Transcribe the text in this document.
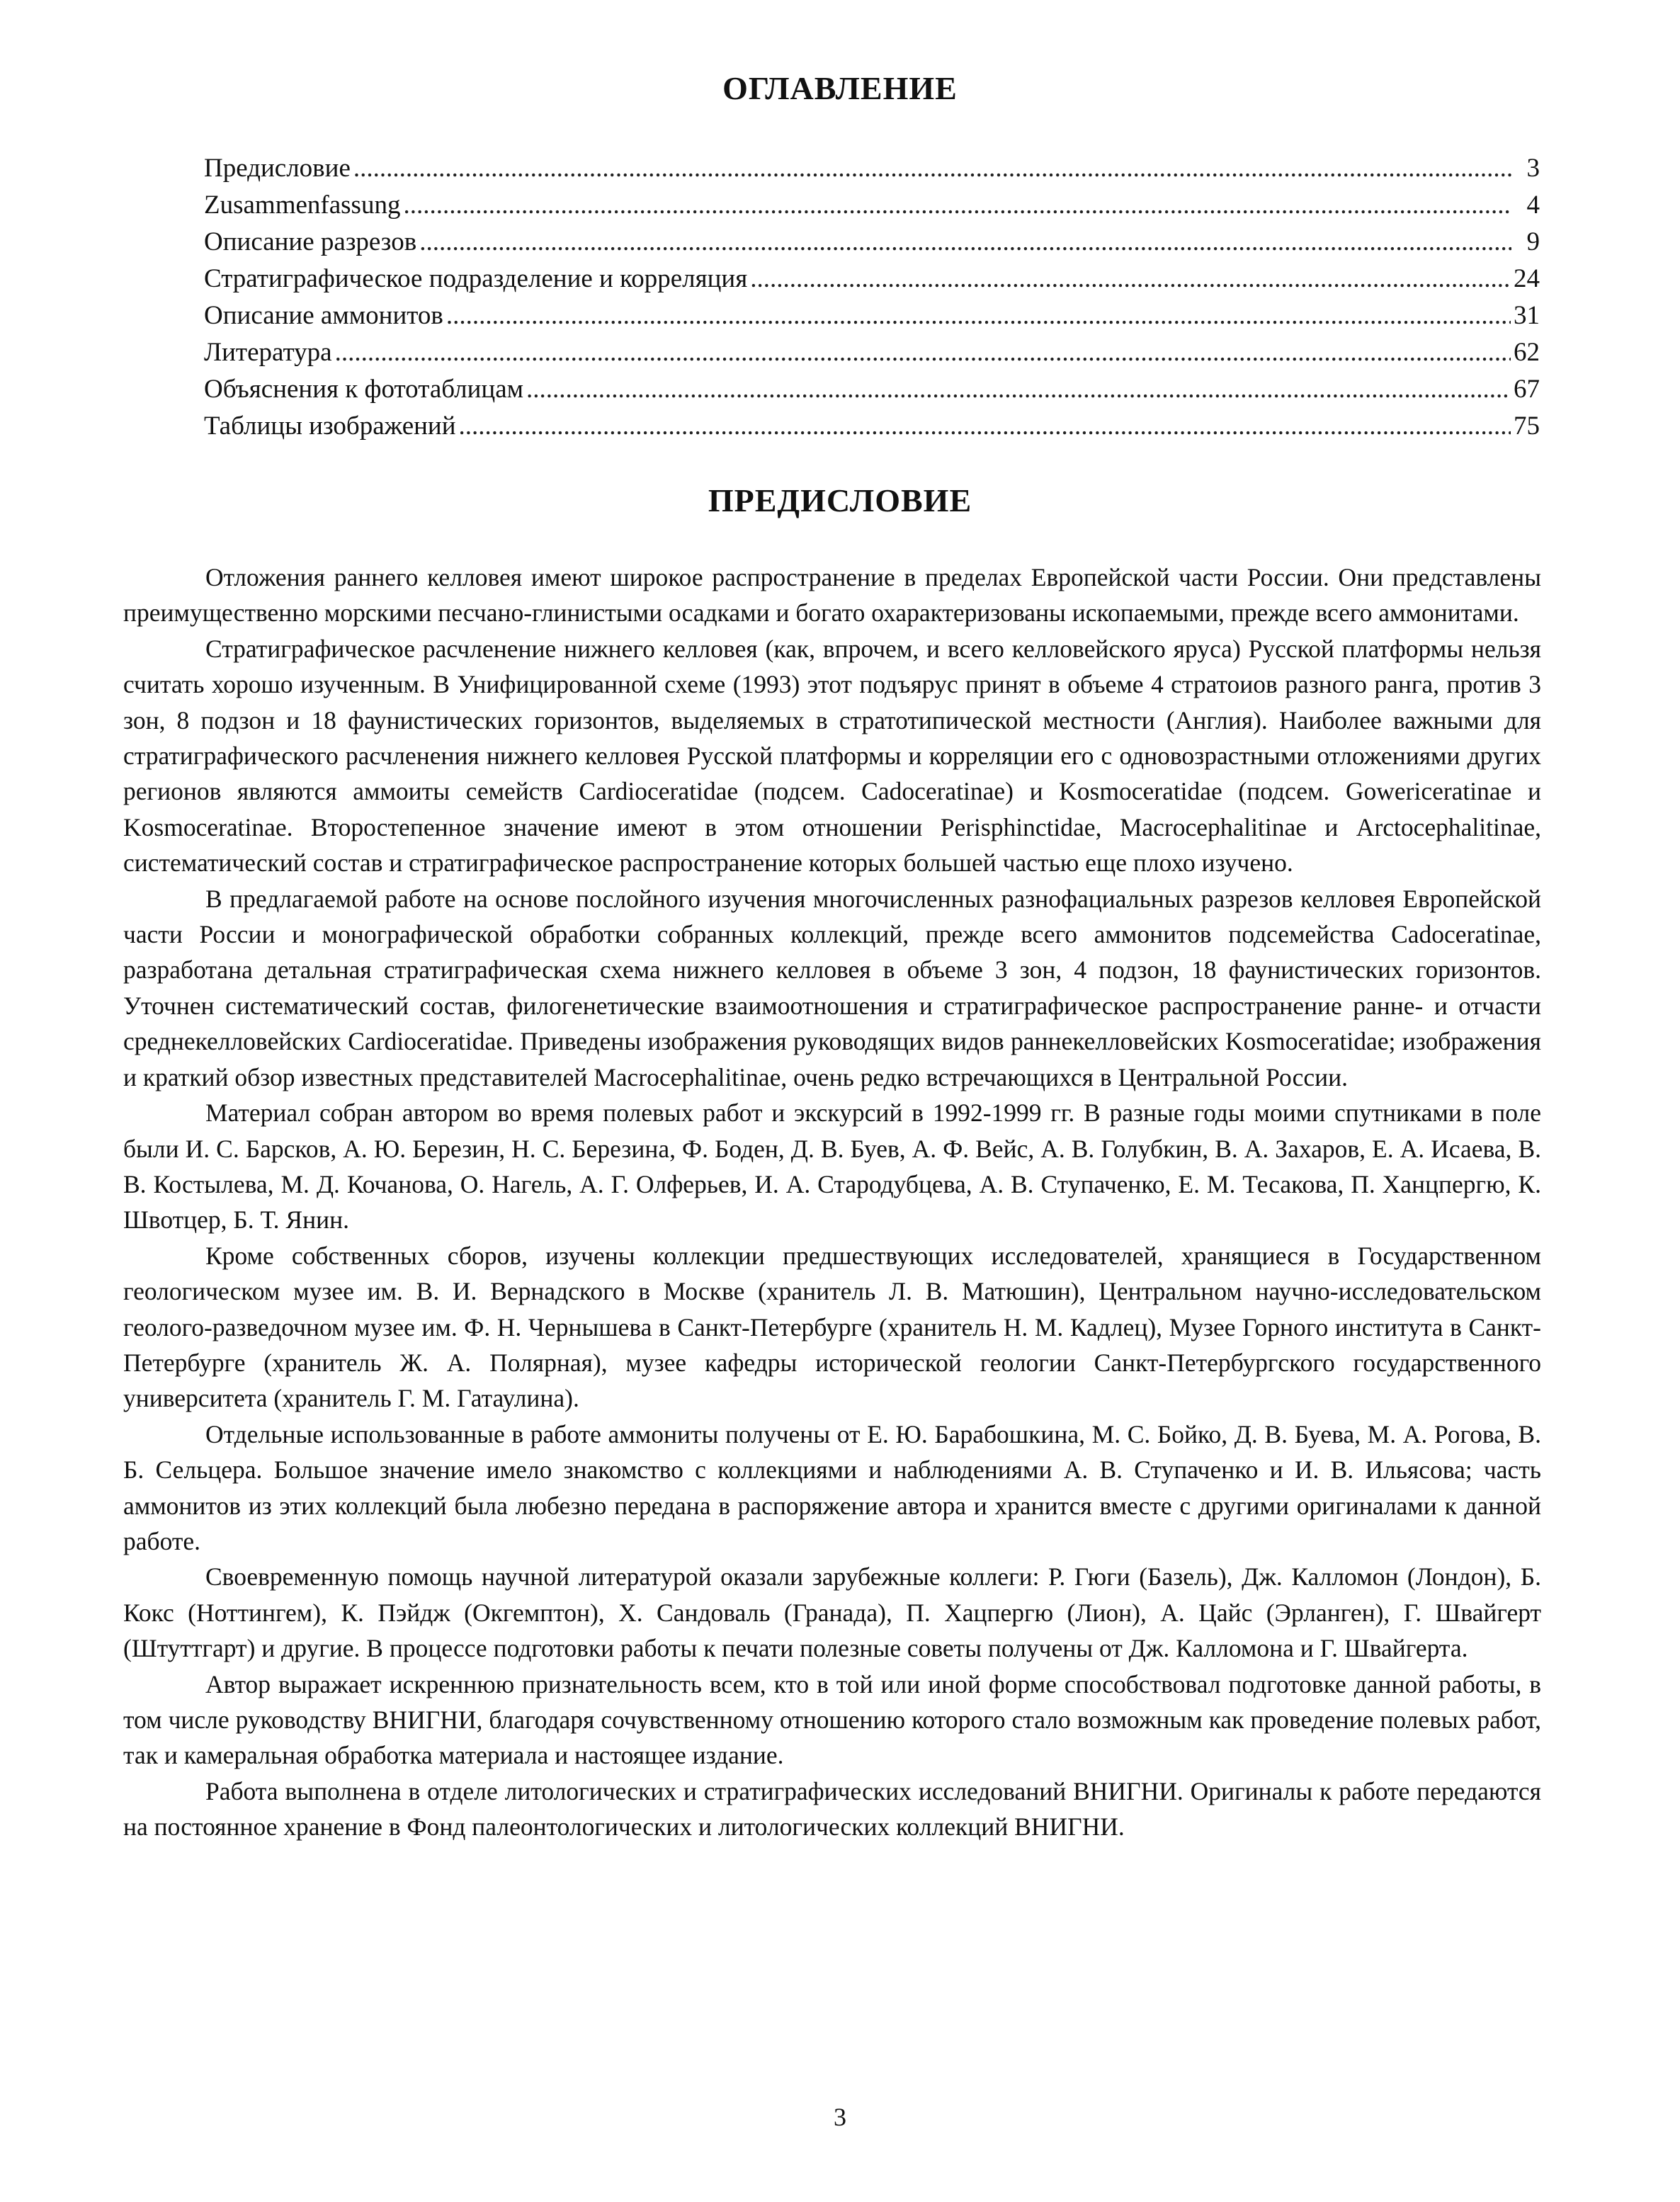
ОГЛАВЛЕНИЕ
Предисловие .....	3
Zusammenfassung .....	4
Описание разрезов .....	9
Стратиграфическое подразделение и корреляция .....	24
Описание аммонитов .....	31
Литература .....	62
Объяснения к фототаблицам .....	67
Таблицы изображений .....	75
ПРЕДИСЛОВИЕ

Отложения раннего келловея имеют широкое распространение в пределах Европейской части России. Они представлены преимущественно морскими песчано-глинистыми осадками и богато охарактеризованы ископаемыми, прежде всего аммонитами.

Стратиграфическое расчленение нижнего келловея (как, впрочем, и всего келловейского яруса) Русской платформы нельзя считать хорошо изученным. В Унифицированной схеме (1993) этот подъярус принят в объеме 4 стратоиов разного ранга, против 3 зон, 8 подзон и 18 фаунистических горизонтов, выделяемых в стратотипической местности (Англия). Наиболее важными для стратиграфического расчленения нижнего келловея Русской платформы и корреляции его с одновозрастными отложениями других регионов являются аммоиты семейств Cardioceratidae (подсем. Cadoceratinae) и Kosmoceratidae (подсем. Gowericeratinae и Kosmoceratinae. Второстепенное значение имеют в этом отношении Perisphinctidae, Macrocephalitinae и Arctocephalitinae, систематический состав и стратиграфическое распространение которых большей частью еще плохо изучено.

В предлагаемой работе на основе послойного изучения многочисленных разнофациальных разрезов келловея Европейской части России и монографической обработки собранных коллекций, прежде всего аммонитов подсемейства Cadoceratinae, разработана детальная стратиграфическая схема нижнего келловея в объеме 3 зон, 4 подзон, 18 фаунистических горизонтов. Уточнен систематический состав, филогенетические взаимоотношения и стратиграфическое распространение ранне- и отчасти среднекелловейских Cardioceratidae. Приведены изображения руководящих видов раннекелловейских Kosmoceratidae; изображения и краткий обзор известных представителей Macrocephalitinae, очень редко встречающихся в Центральной России.

Материал собран автором во время полевых работ и экскурсий в 1992-1999 гг. В разные годы моими спутниками в поле были И. С. Барсков, А. Ю. Березин, Н. С. Березина, Ф. Боден, Д. В. Буев, А. Ф. Вейс, А. В. Голубкин, В. А. Захаров, Е. А. Исаева, В. В. Костылева, М. Д. Кочанова, О. Нагель, А. Г. Олферьев, И. А. Стародубцева, А. В. Ступаченко, Е. М. Тесакова, П. Ханцпергю, К. Швотцер, Б. Т. Янин.

Кроме собственных сборов, изучены коллекции предшествующих исследователей, хранящиеся в Государственном геологическом музее им. В. И. Вернадского в Москве (хранитель Л. В. Матюшин), Центральном научно-исследовательском геолого-разведочном музее им. Ф. Н. Чернышева в Санкт-Петербурге (хранитель Н. М. Кадлец), Музее Горного института в Санкт-Петербурге (хранитель Ж. А. Полярная), музее кафедры исторической геологии Санкт-Петербургского государственного университета (хранитель Г. М. Гатаулина).

Отдельные использованные в работе аммониты получены от Е. Ю. Барабошкина, М. С. Бойко, Д. В. Буева, М. А. Рогова, В. Б. Сельцера. Большое значение имело знакомство с коллекциями и наблюдениями А. В. Ступаченко и И. В. Ильясова; часть аммонитов из этих коллекций была любезно передана в распоряжение автора и хранится вместе с другими оригиналами к данной работе.

Своевременную помощь научной литературой оказали зарубежные коллеги: Р. Гюги (Базель), Дж. Калломон (Лондон), Б. Кокс (Ноттингем), К. Пэйдж (Окгемптон), Х. Сандоваль (Гранада), П. Хацпергю (Лион), А. Цайс (Эрланген), Г. Швайгерт (Штуттгарт) и другие. В процессе подготовки работы к печати полезные советы получены от Дж. Калломона и Г. Швайгерта.

Автор выражает искреннюю признательность всем, кто в той или иной форме способствовал подготовке данной работы, в том числе руководству ВНИГНИ, благодаря сочувственному отношению которого стало возможным как проведение полевых работ, так и камеральная обработка материала и настоящее издание.

Работа выполнена в отделе литологических и стратиграфических исследований ВНИГНИ. Оригиналы к работе передаются на постоянное хранение в Фонд палеонтологических и литологических коллекций ВНИГНИ.

3
